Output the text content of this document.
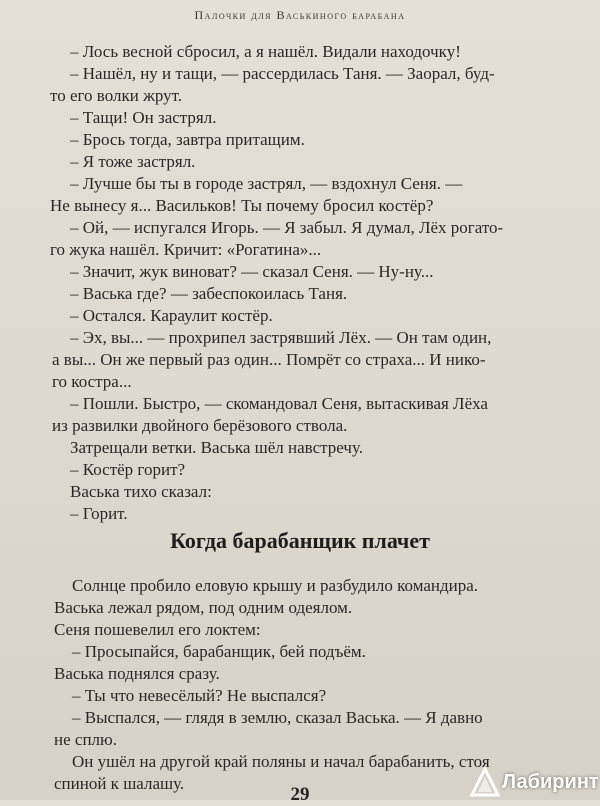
Палочки для Васькиного барабана
– Лось весной сбросил, а я нашёл. Видали находочку!
– Нашёл, ну и тащи, — рассердилась Таня. — Заорал, буд-
то его волки жрут.
– Тащи! Он застрял.
– Брось тогда, завтра притащим.
– Я тоже застрял.
– Лучше бы ты в городе застрял, — вздохнул Сеня. —
Не вынесу я... Васильков! Ты почему бросил костёр?
– Ой, — испугался Игорь. — Я забыл. Я думал, Лёх рогато-
го жука нашёл. Кричит: «Рогатина»...
– Значит, жук виноват? — сказал Сеня. — Ну-ну...
– Васька где? — забеспокоилась Таня.
– Остался. Караулит костёр.
– Эх, вы... — прохрипел застрявший Лёх. — Он там один,
а вы... Он же первый раз один... Помрёт со страха... И нико-
го костра...
– Пошли. Быстро, — скомандовал Сеня, вытаскивая Лёха
из развилки двойного берёзового ствола.
Затрещали ветки. Васька шёл навстречу.
– Костёр горит?
Васька тихо сказал:
– Горит.
Когда барабанщик плачет
Солнце пробило еловую крышу и разбудило командира.
Васька лежал рядом, под одним одеялом.
Сеня пошевелил его локтем:
– Просыпайся, барабанщик, бей подъём.
Васька поднялся сразу.
– Ты что невесёлый? Не выспался?
– Выспался, — глядя в землю, сказал Васька. — Я давно
не сплю.
Он ушёл на другой край поляны и начал барабанить, стоя
спиной к шалашу.
29
Лабиринт
